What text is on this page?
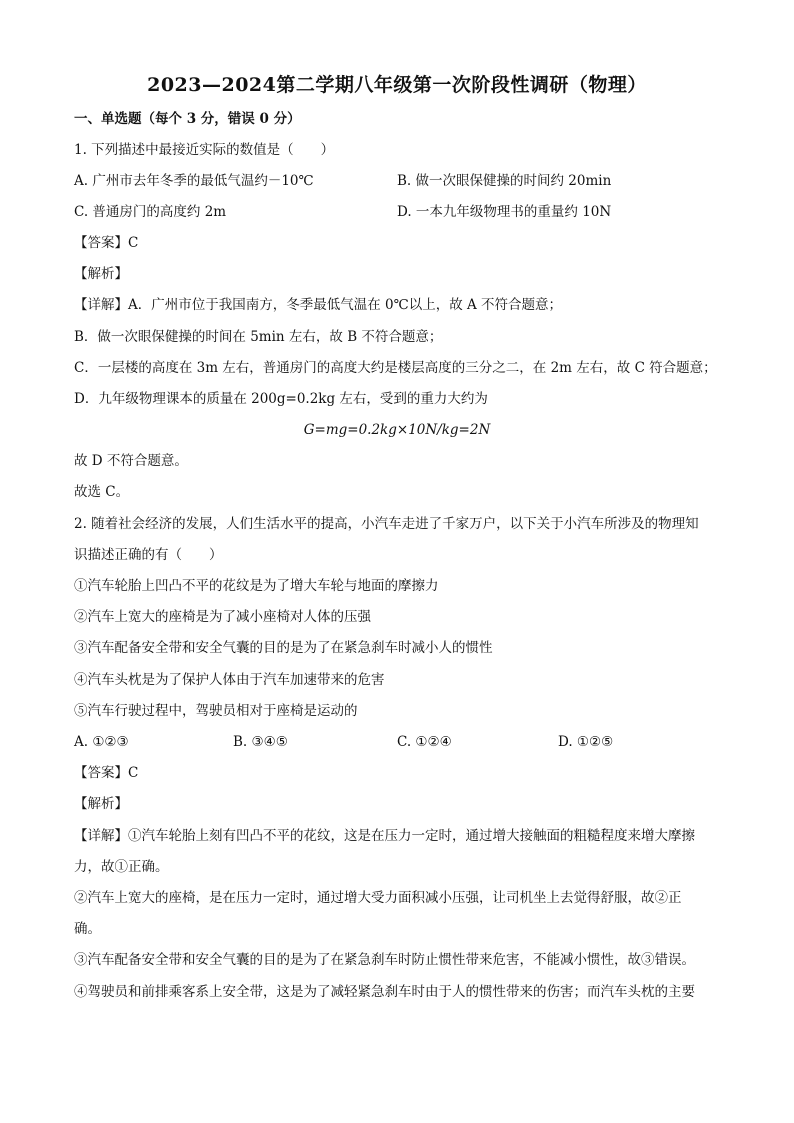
2023—2024第二学期八年级第一次阶段性调研（物理）
一、单选题（每个 3 分，错误 0 分）
1. 下列描述中最接近实际的数值是（　　）
A. 广州市去年冬季的最低气温约－10℃	B. 做一次眼保健操的时间约 20min
C. 普通房门的高度约 2m	D. 一本九年级物理书的重量约 10N
【答案】C
【解析】
【详解】A．广州市位于我国南方，冬季最低气温在 0℃以上，故 A 不符合题意；
B．做一次眼保健操的时间在 5min 左右，故 B 不符合题意；
C．一层楼的高度在 3m 左右，普通房门的高度大约是楼层高度的三分之二，在 2m 左右，故 C 符合题意；
D．九年级物理课本的质量在 200g=0.2kg 左右，受到的重力大约为
G=mg=0.2kg×10N/kg=2N
故 D 不符合题意。
故选 C。
2. 随着社会经济的发展，人们生活水平的提高，小汽车走进了千家万户，以下关于小汽车所涉及的物理知
识描述正确的有（　　）
①汽车轮胎上凹凸不平的花纹是为了增大车轮与地面的摩擦力
②汽车上宽大的座椅是为了减小座椅对人体的压强
③汽车配备安全带和安全气囊的目的是为了在紧急刹车时减小人的惯性
④汽车头枕是为了保护人体由于汽车加速带来的危害
⑤汽车行驶过程中，驾驶员相对于座椅是运动的
A. ①②③	B. ③④⑤	C. ①②④	D. ①②⑤
【答案】C
【解析】
【详解】①汽车轮胎上刻有凹凸不平的花纹，这是在压力一定时，通过增大接触面的粗糙程度来增大摩擦
力，故①正确。
②汽车上宽大的座椅，是在压力一定时，通过增大受力面积减小压强，让司机坐上去觉得舒服，故②正
确。
③汽车配备安全带和安全气囊的目的是为了在紧急刹车时防止惯性带来危害，不能减小惯性，故③错误。
④驾驶员和前排乘客系上安全带，这是为了减轻紧急刹车时由于人的惯性带来的伤害；而汽车头枕的主要
